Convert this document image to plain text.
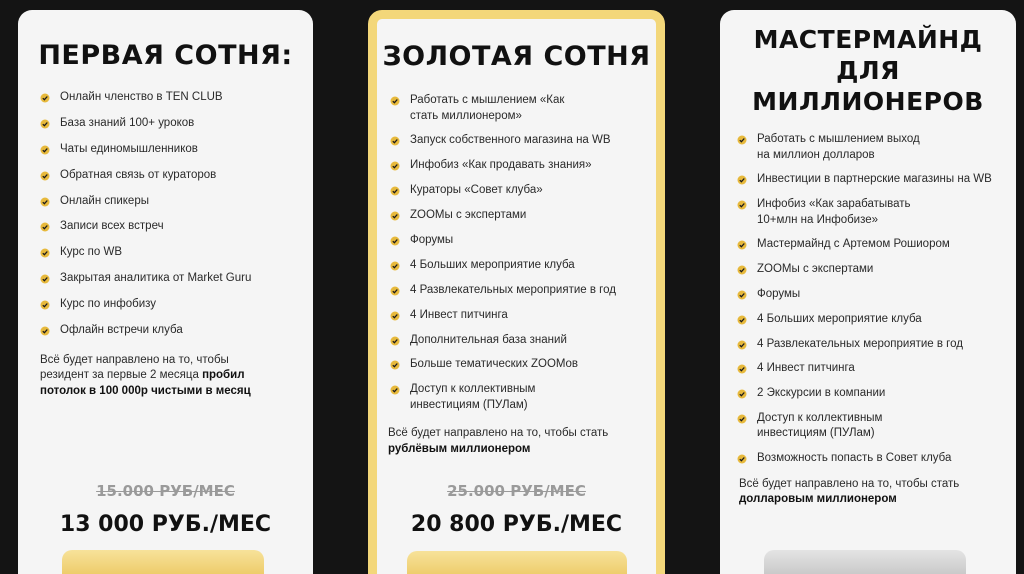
ПЕРВАЯ СОТНЯ:
Онлайн членство в TEN CLUB
База знаний 100+ уроков
Чаты единомышленников
Обратная связь от кураторов
Онлайн спикеры
Записи всех встреч
Курс по WB
Закрытая аналитика от Market Guru
Курс по инфобизу
Офлайн встречи клуба
Всё будет направлено на то, чтобы резидент за первые 2 месяца пробил потолок в 100 000р чистыми в месяц
15.000 РУБ/МЕС
13 000 РУБ./МЕС
ЗОЛОТАЯ СОТНЯ
Работать с мышлением «Как стать миллионером»
Запуск собственного магазина на WB
Инфобиз «Как продавать знания»
Кураторы «Совет клуба»
ZOOMы с экспертами
Форумы
4 Больших мероприятие клуба
4 Развлекательных мероприятие в год
4 Инвест питчинга
Дополнительная база знаний
Больше тематических ZOOMов
Доступ к коллективным инвестициям (ПУЛам)
Всё будет направлено на то, чтобы стать рублёвым миллионером
25.000 РУБ/МЕС
20 800 РУБ./МЕС
МАСТЕРМАЙНД
ДЛЯ МИЛЛИОНЕРОВ
Работать с мышлением выход на миллион долларов
Инвестиции в партнерские магазины на WB
Инфобиз «Как зарабатывать 10+млн на Инфобизе»
Мастермайнд с Артемом Рошиором
ZOOMы с экспертами
Форумы
4 Больших мероприятие клуба
4 Развлекательных мероприятие в год
4 Инвест питчинга
2 Экскурсии в компании
Доступ к коллективным инвестициям (ПУЛам)
Возможность попасть в Совет клуба
Всё будет направлено на то, чтобы стать долларовым миллионером
